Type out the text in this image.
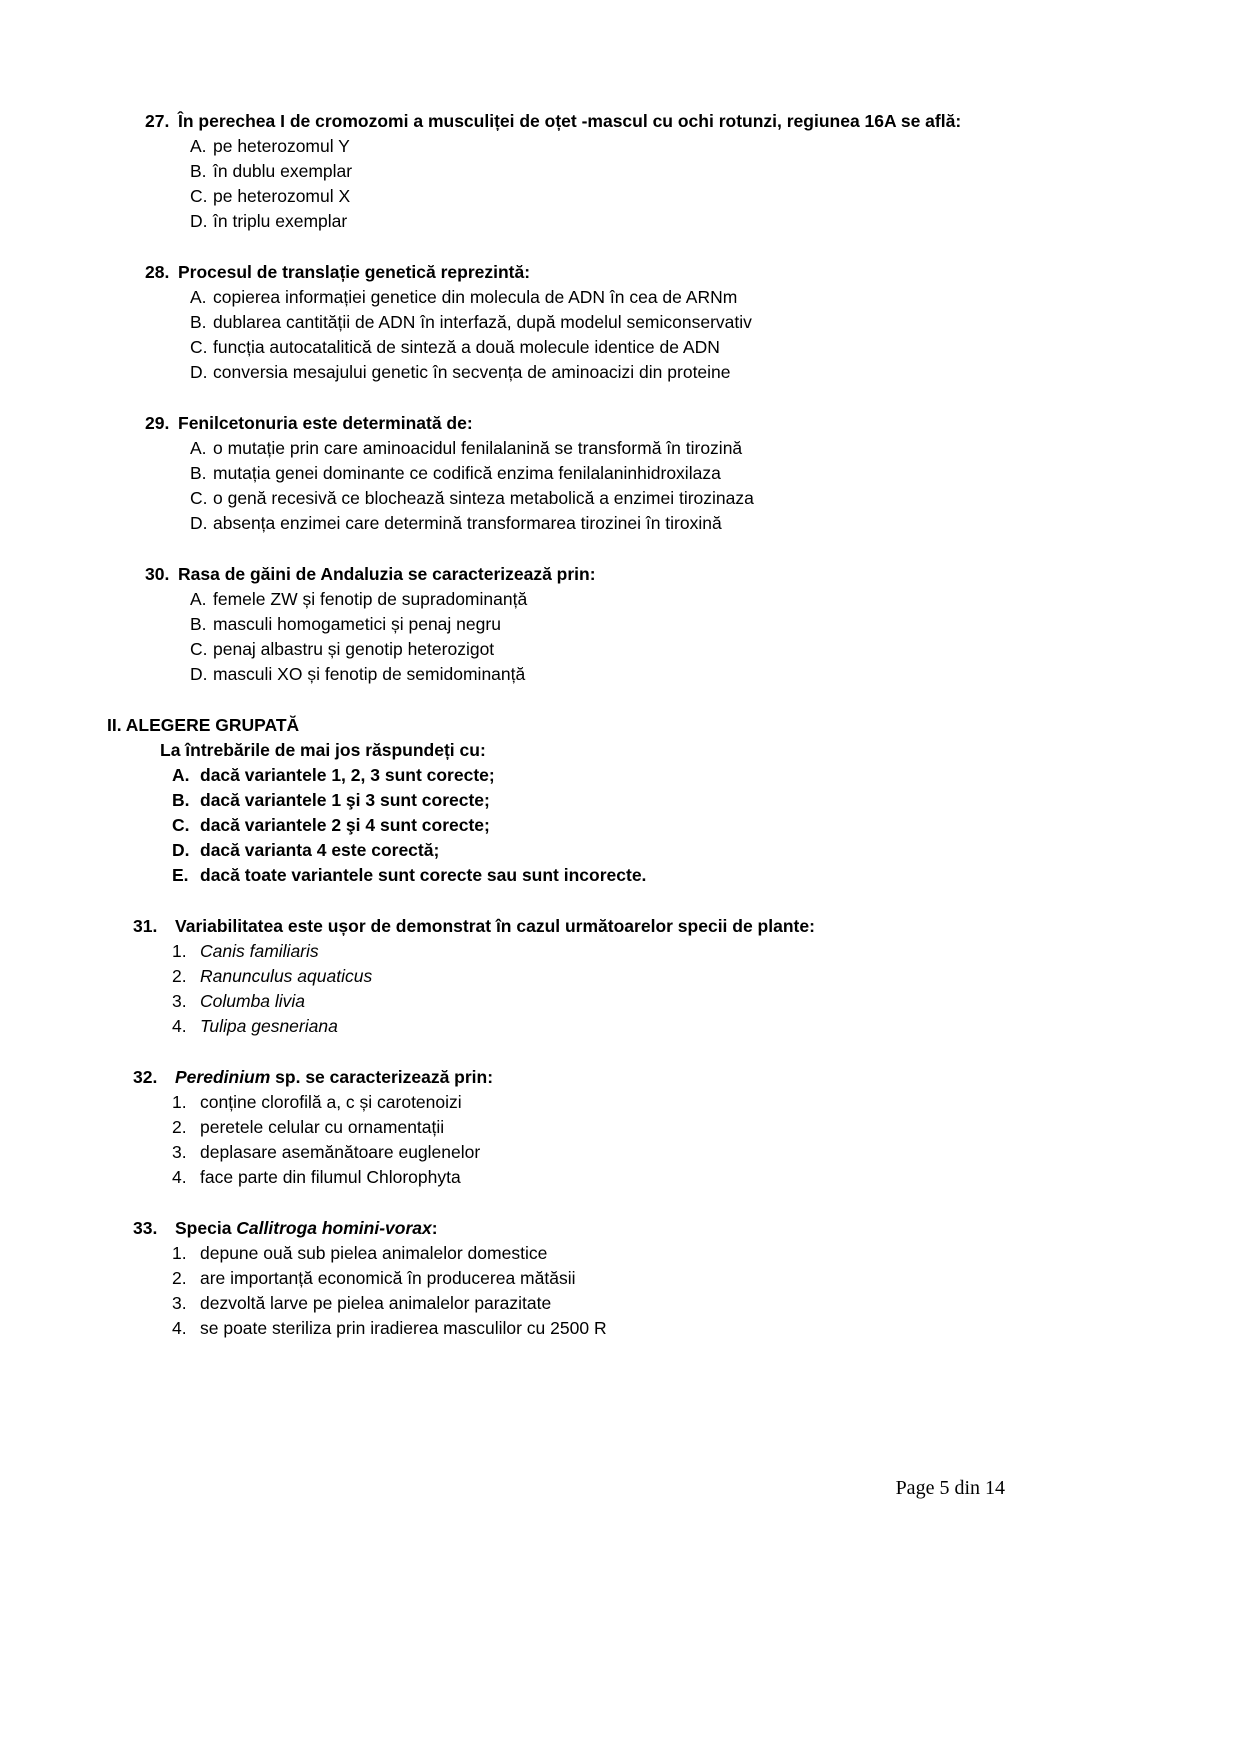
27. În perechea I de cromozomi a musculiței de oțet -mascul cu ochi rotunzi, regiunea 16A se află:
A. pe heterozomul Y
B. în dublu exemplar
C. pe heterozomul X
D. în triplu exemplar
28. Procesul de translație genetică reprezintă:
A. copierea informației genetice din molecula de ADN în cea de ARNm
B. dublarea cantității de ADN în interfază, după modelul semiconservativ
C. funcția autocatalitică de sinteză a două molecule identice de ADN
D. conversia mesajului genetic în secvența de aminoacizi din proteine
29. Fenilcetonuria este determinată de:
A. o mutație prin care aminoacidul fenilalanină se transformă în tirozină
B. mutația genei dominante ce codifică enzima fenilalaninhidroxilaza
C. o genă recesivă ce blochează sinteza metabolică a enzimei tirozinaza
D. absența enzimei care determină transformarea tirozinei în tiroxină
30. Rasa de găini de Andaluzia se caracterizează prin:
A. femele ZW și fenotip de supradominanță
B. masculi homogametici și penaj negru
C. penaj albastru și genotip heterozigot
D. masculi XO și fenotip de semidominanță
II. ALEGERE GRUPATĂ
La întrebările de mai jos răspundeți cu:
A. dacă variantele 1, 2, 3 sunt corecte;
B. dacă variantele 1 şi 3 sunt corecte;
C. dacă variantele 2 şi 4 sunt corecte;
D. dacă varianta 4 este corectă;
E. dacă toate variantele sunt corecte sau sunt incorecte.
31.	Variabilitatea este ușor de demonstrat în cazul următoarelor specii de plante:
1. Canis familiaris
2. Ranunculus aquaticus
3. Columba livia
4. Tulipa gesneriana
32.	Peredinium sp. se caracterizează prin:
1. conține clorofilă a, c și carotenoizi
2. peretele celular cu ornamentații
3. deplasare asemănătoare euglenelor
4. face parte din filumul Chlorophyta
33.	Specia Callitroga homini-vorax:
1. depune ouă sub pielea animalelor domestice
2. are importanță economică în producerea mătăsii
3. dezvoltă larve pe pielea animalelor parazitate
4. se poate steriliza prin iradierea masculilor cu 2500 R
Page 5 din 14
